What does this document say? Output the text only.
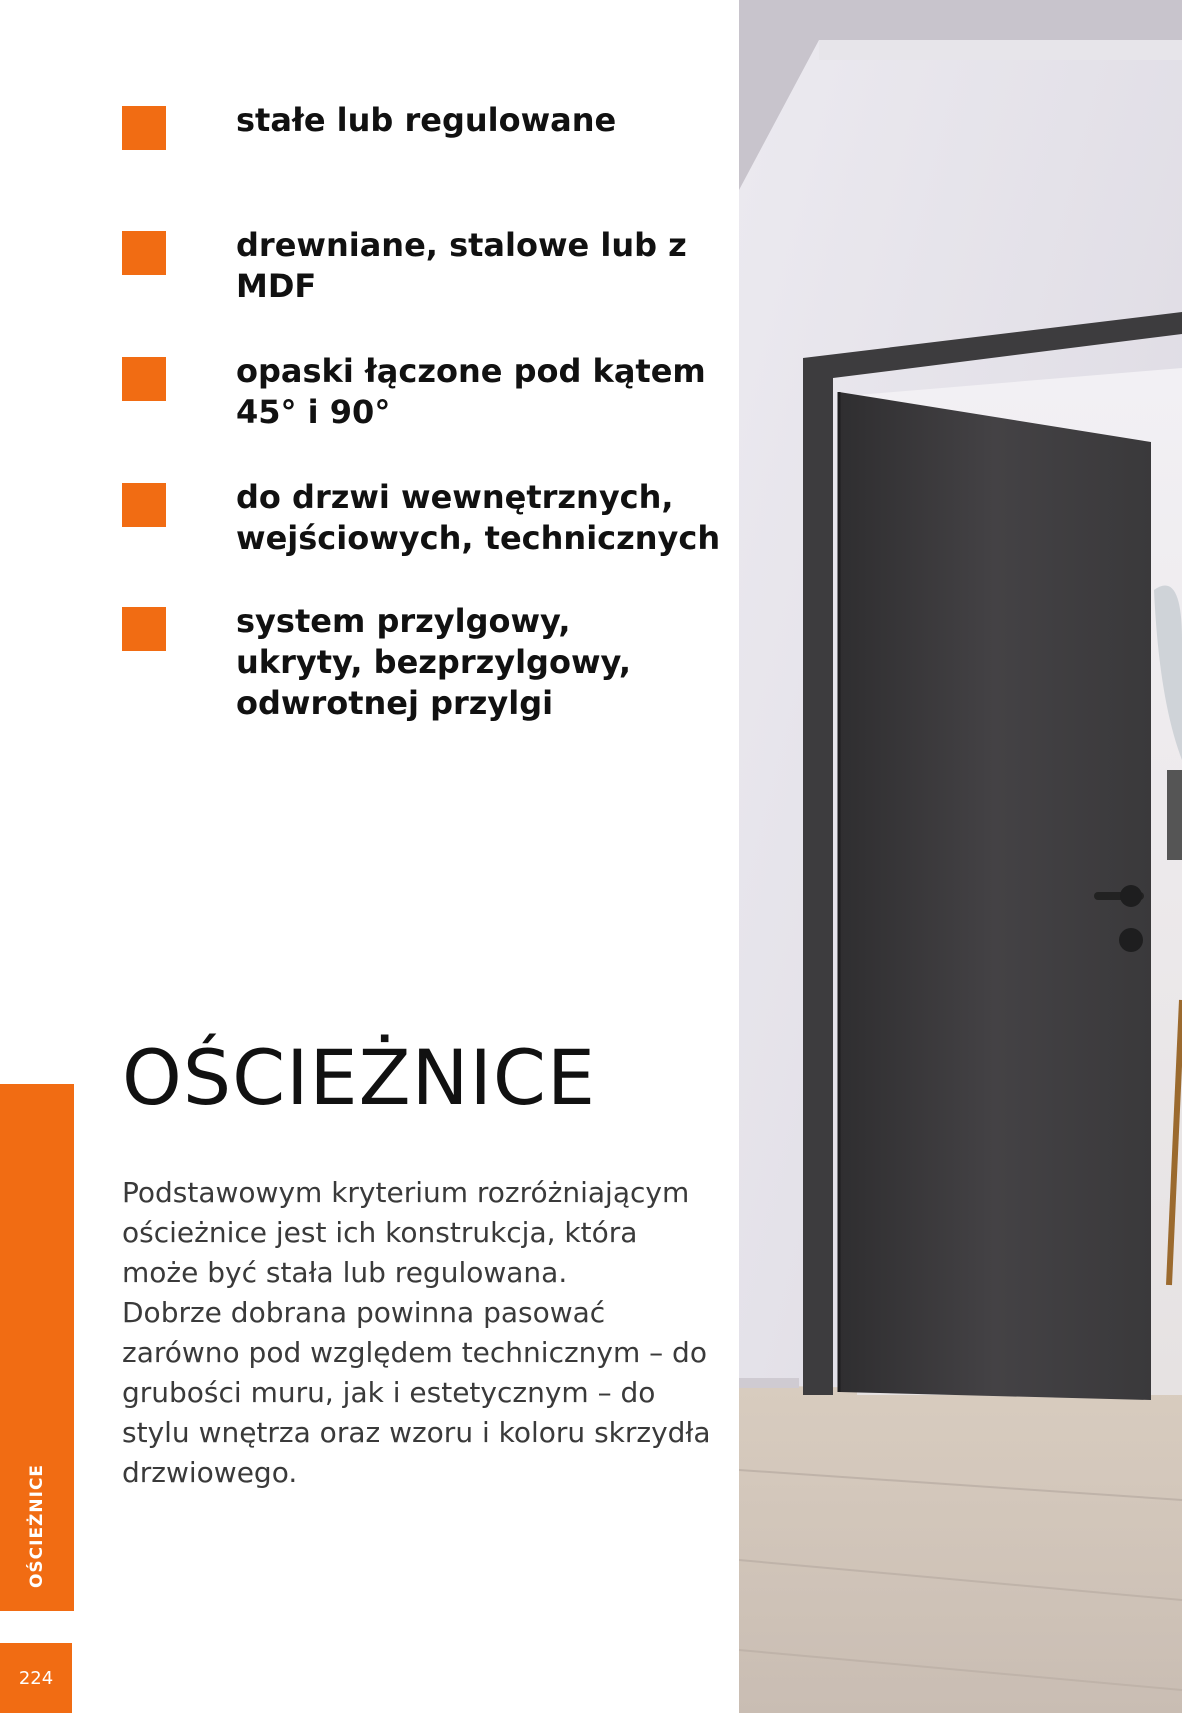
stałe lub regulowane
drewniane, stalowe lub z MDF
opaski łączone pod kątem 45° i 90°
do drzwi wewnętrznych, wejściowych, technicznych
system przylgowy, ukryty, bezprzylgowy, odwrotnej przylgi
OŚCIEŻNICE

Podstawowym kryterium rozróżniającym ościeżnice jest ich konstrukcja, która może być stała lub regulowana.

Dobrze dobrana powinna pasować zarówno pod względem technicznym – do grubości muru, jak i estetycznym – do stylu wnętrza oraz wzoru i koloru skrzydła drzwiowego.

OŚCIEŻNICE
224
